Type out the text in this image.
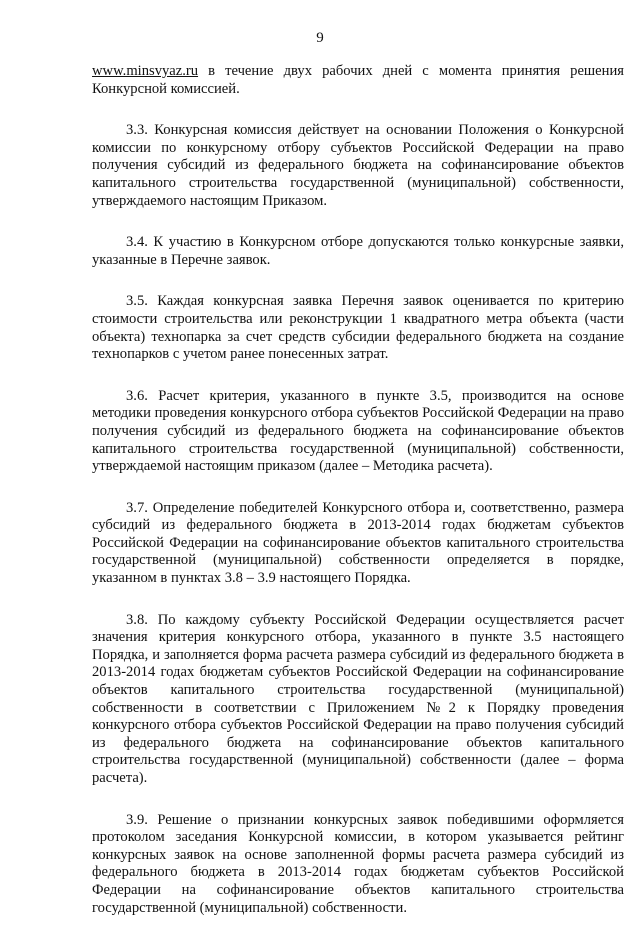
9

www.minsvyaz.ru в течение двух рабочих дней с момента принятия решения Конкурсной комиссией.

3.3. Конкурсная комиссия действует на основании Положения о Конкурсной комиссии по конкурсному отбору субъектов Российской Федерации на право получения субсидий из федерального бюджета на софинансирование объектов капитального строительства государственной (муниципальной) собственности, утверждаемого настоящим Приказом.

3.4. К участию в Конкурсном отборе допускаются только конкурсные заявки, указанные в Перечне заявок.

3.5. Каждая конкурсная заявка Перечня заявок оценивается по критерию стоимости строительства или реконструкции 1 квадратного метра объекта (части объекта) технопарка за счет средств субсидии федерального бюджета на создание технопарков с учетом ранее понесенных затрат.

3.6. Расчет критерия, указанного в пункте 3.5, производится на основе методики проведения конкурсного отбора субъектов Российской Федерации на право получения субсидий из федерального бюджета на софинансирование объектов капитального строительства государственной (муниципальной) собственности, утверждаемой настоящим приказом (далее – Методика расчета).

3.7. Определение победителей Конкурсного отбора и, соответственно, размера субсидий из федерального бюджета в 2013-2014 годах бюджетам субъектов Российской Федерации на софинансирование объектов капитального строительства государственной (муниципальной) собственности определяется в порядке, указанном в пунктах 3.8 – 3.9 настоящего Порядка.

3.8. По каждому субъекту Российской Федерации осуществляется расчет значения критерия конкурсного отбора, указанного в пункте 3.5 настоящего Порядка, и заполняется форма расчета размера субсидий из федерального бюджета в 2013-2014 годах бюджетам субъектов Российской Федерации на софинансирование объектов капитального строительства государственной (муниципальной) собственности в соответствии с Приложением №2 к Порядку проведения конкурсного отбора субъектов Российской Федерации на право получения субсидий из федерального бюджета на софинансирование объектов капитального строительства государственной (муниципальной) собственности (далее – форма расчета).

3.9. Решение о признании конкурсных заявок победившими оформляется протоколом заседания Конкурсной комиссии, в котором указывается рейтинг конкурсных заявок на основе заполненной формы расчета размера субсидий из федерального бюджета в 2013-2014 годах бюджетам субъектов Российской Федерации на софинансирование объектов капитального строительства государственной (муниципальной) собственности.
